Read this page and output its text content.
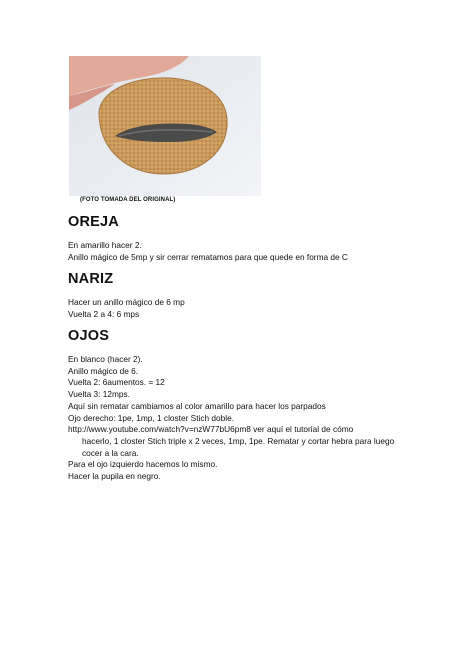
(FOTO TOMADA DEL ORIGINAL)
OREJA

En amarillo hacer 2.

Anillo mágico de 5mp y sir cerrar rematamos para que quede en forma de C

NARIZ

Hacer un anillo mágico de 6 mp

Vuelta 2 a 4: 6 mps

OJOS

En blanco (hacer 2).

Anillo mágico de 6.

Vuelta 2: 6aumentos. = 12

Vuelta 3: 12mps.

Aquí sin rematar cambiamos al color amarillo para hacer los parpados

Ojo derecho: 1pe, 1mp, 1 closter Stich doble.

http://www.youtube.com/watch?v=nzW77bU6pm8 ver aquí el tutorial de cómo

hacerlo, 1 closter Stich triple x 2 veces, 1mp, 1pe. Rematar y cortar hebra para luego

cocer a la cara.

Para el ojo izquierdo hacemos lo mismo.

Hacer la pupila en negro.
